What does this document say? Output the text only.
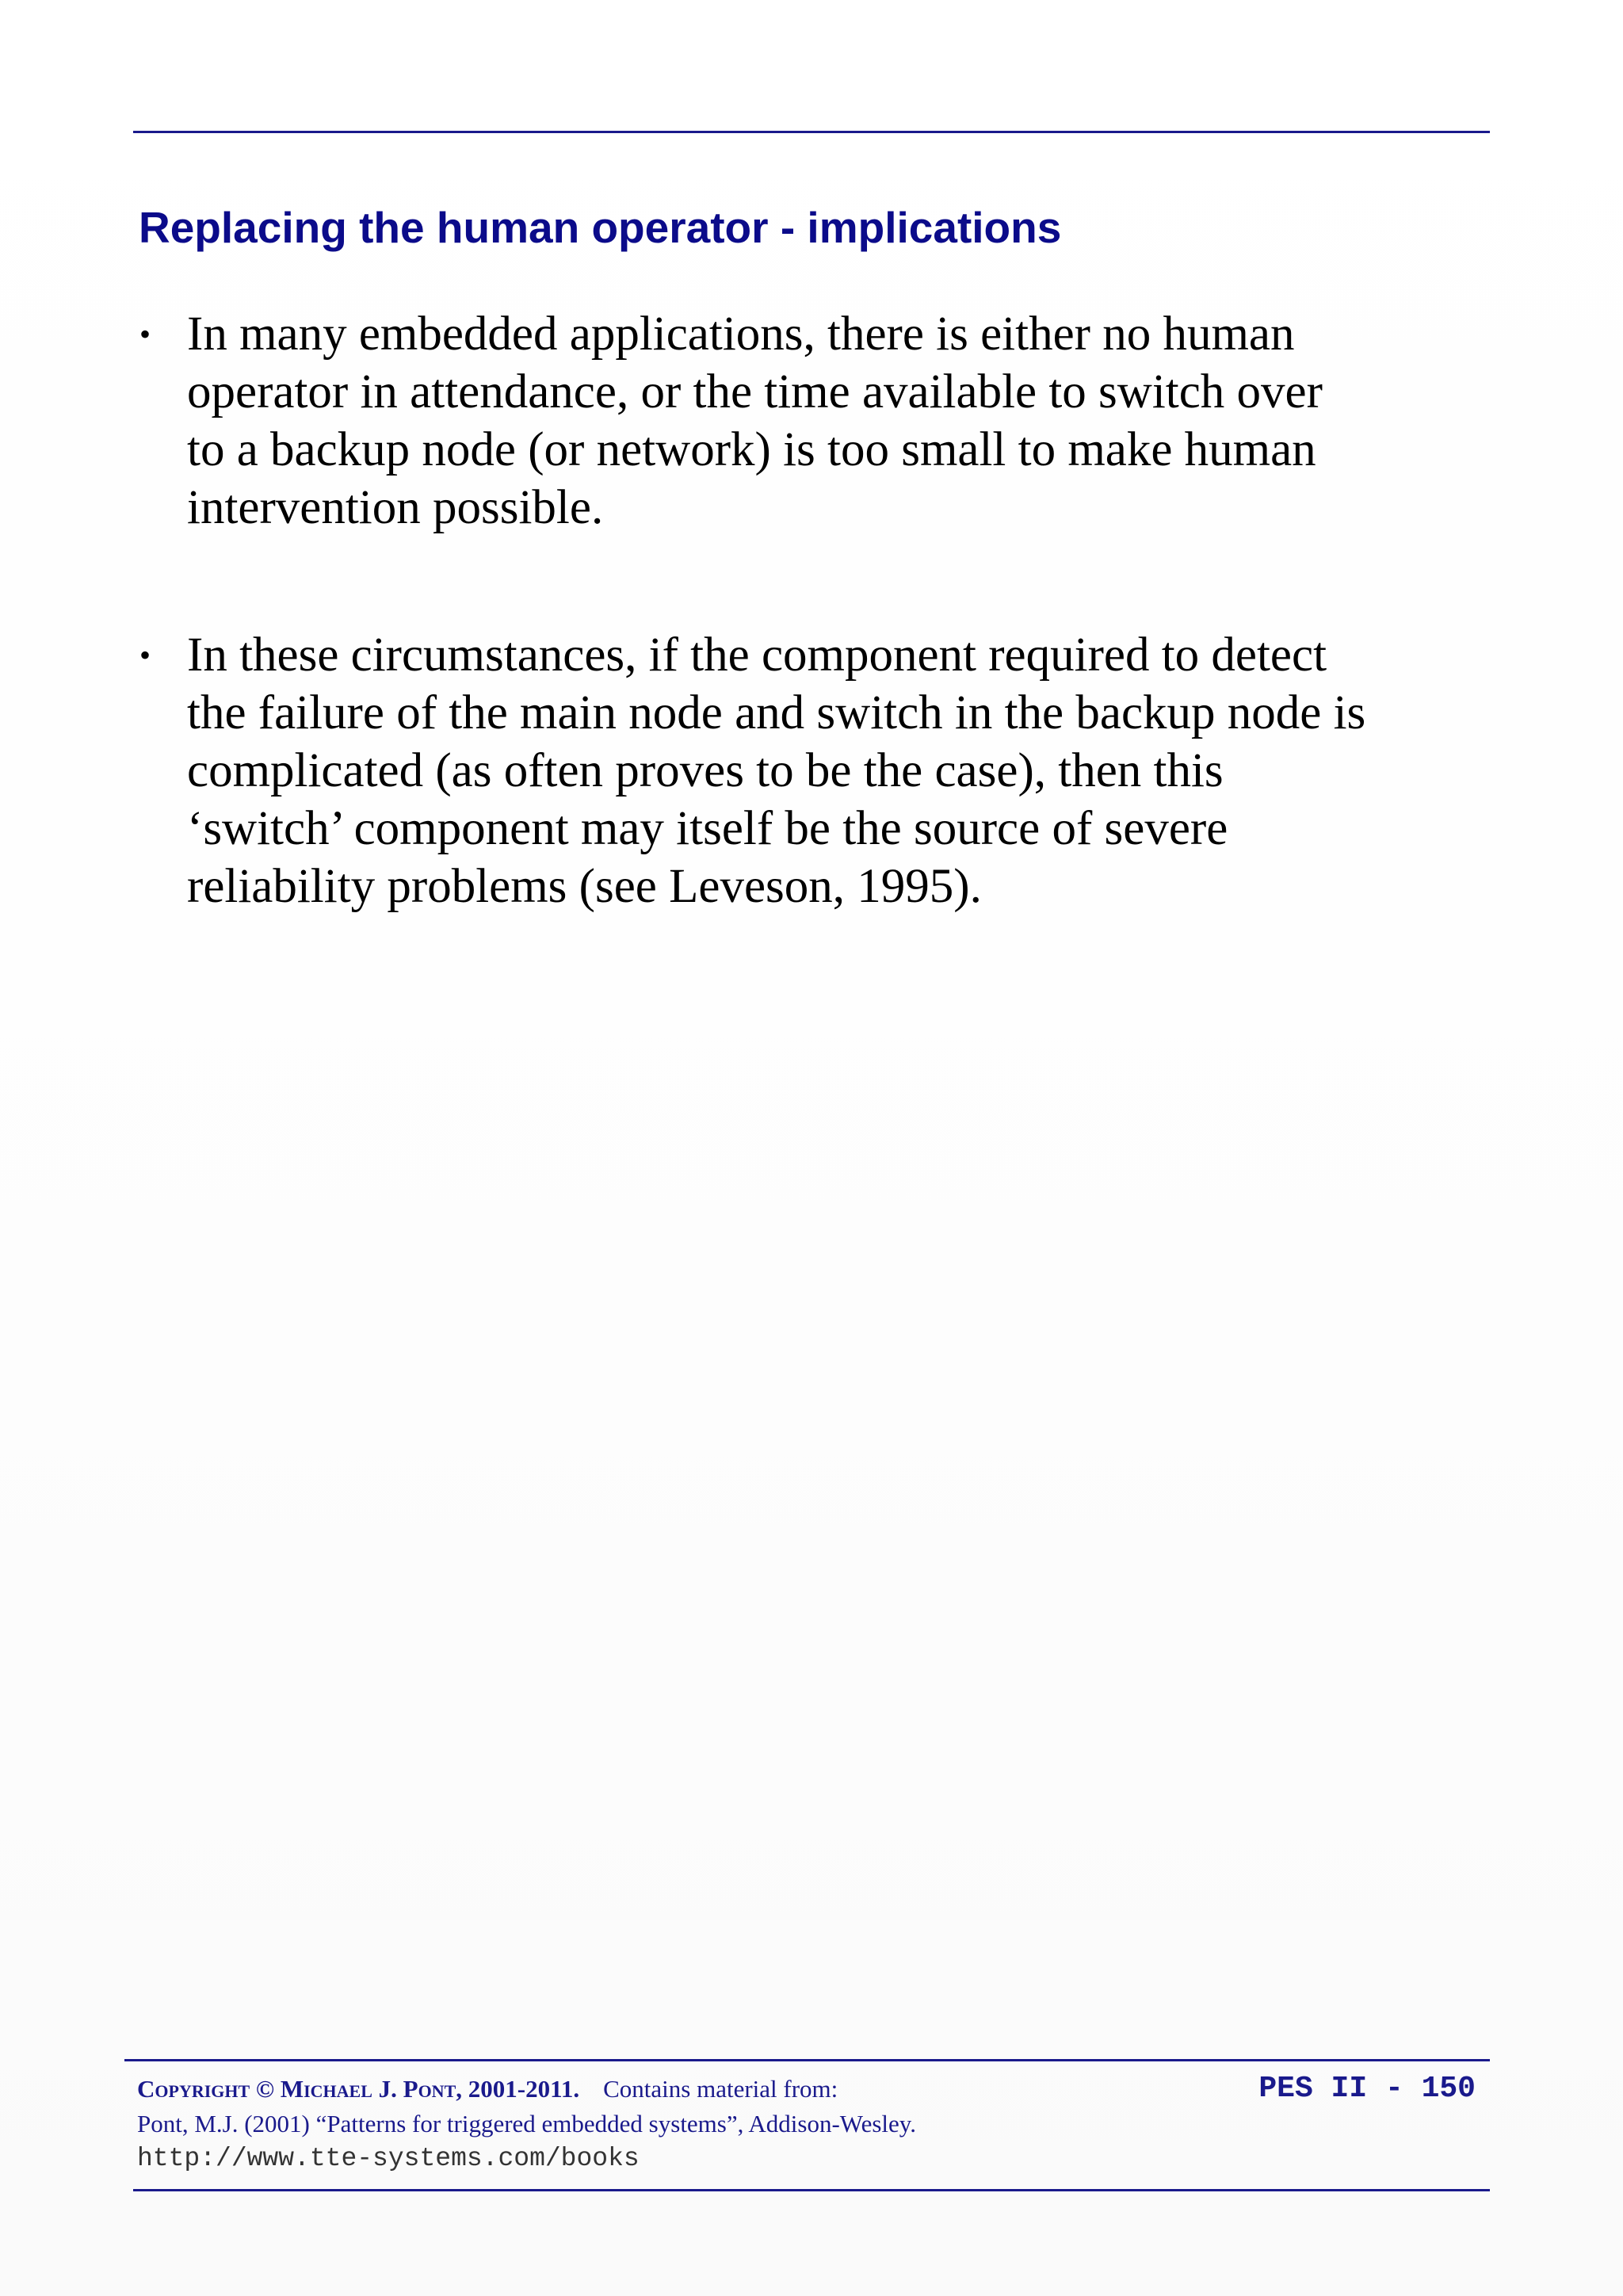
Replacing the human operator - implications
• In many embedded applications, there is either no human
operator in attendance, or the time available to switch over
to a backup node (or network) is too small to make human
intervention possible.
• In these circumstances, if the component required to detect
the failure of the main node and switch in the backup node is
complicated (as often proves to be the case), then this
‘switch’ component may itself be the source of severe
reliability problems (see Leveson, 1995).
Copyright © Michael J. Pont, 2001-2011. Contains material from:
Pont, M.J. (2001) “Patterns for triggered embedded systems”, Addison-Wesley.
http://www.tte-systems.com/books
PES II - 150
